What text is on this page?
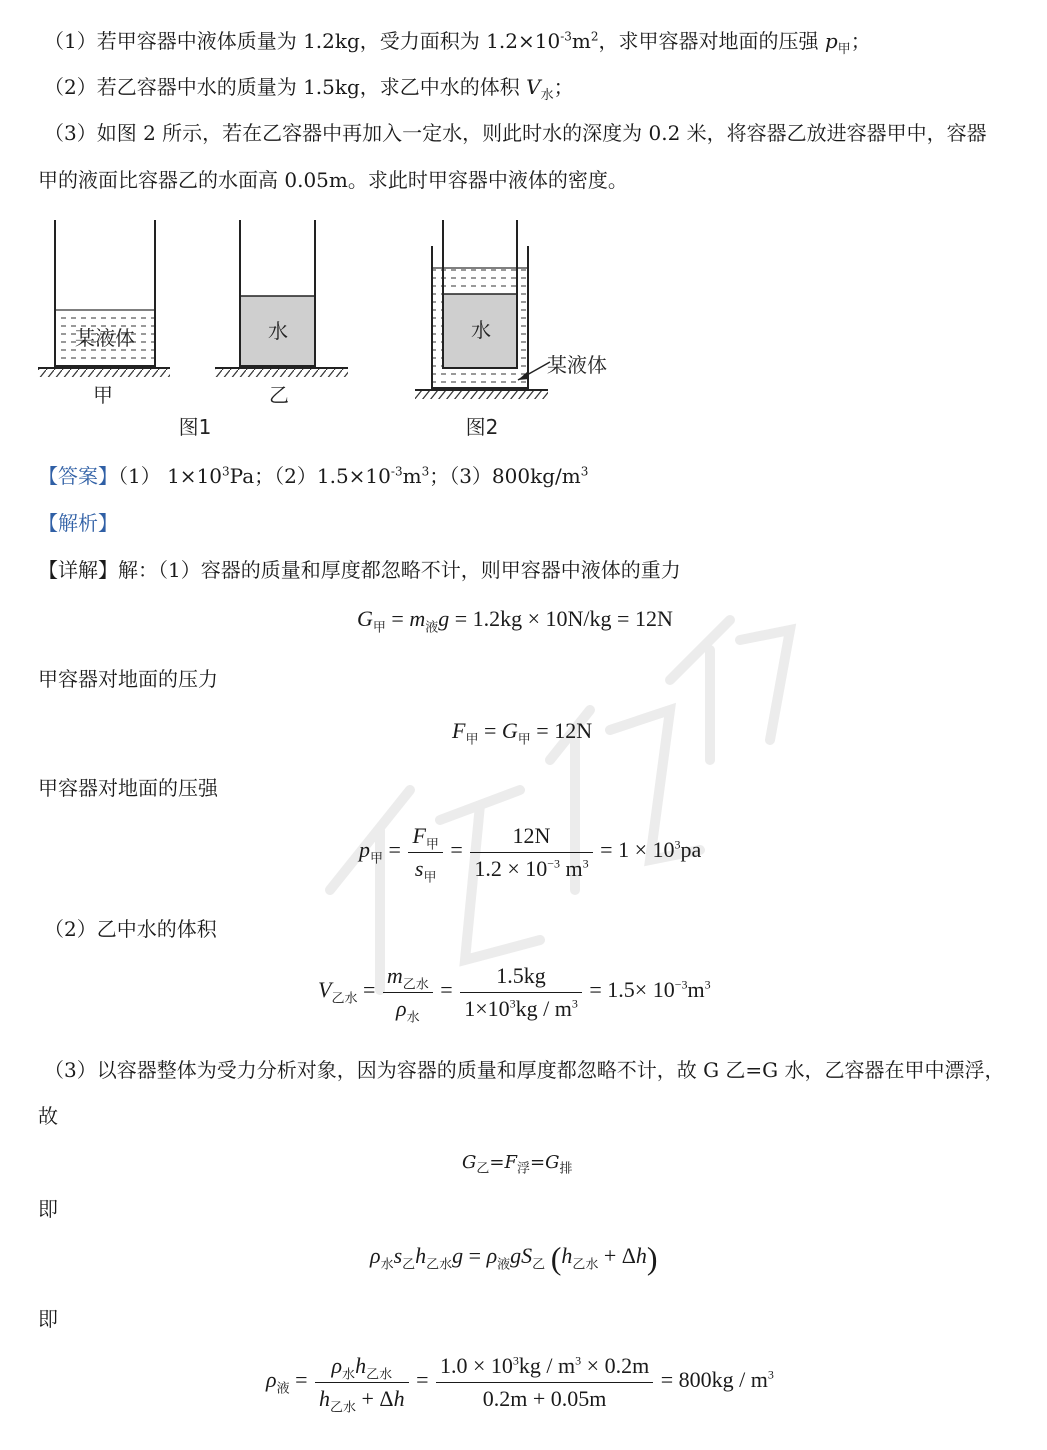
（1）若甲容器中液体质量为 1.2kg，受力面积为 $1.2\times 10^{-3}m^2$，求甲容器对地面的压强 $p_甲$；
（2）若乙容器中水的质量为 1.5kg，求乙中水的体积 $V_水$；
（3）如图 2 所示，若在乙容器中再加入一定水，则此时水的深度为 0.2 米，将容器乙放进容器甲中，容器
甲的液面比容器乙的水面高 0.05m。求此时甲容器中液体的密度。
某液体
甲
水
乙
图1
水
某液体
图2
【答案】（1） $1\times 10^3Pa$；$(2)1.5\times 10^{-3}m^3$；$(3)800kg/m^3$
【解析】
【详解】解：（1）容器的质量和厚度都忽略不计，则甲容器中液体的重力
$G_甲 = m_液g = 1.2kg \times 10N/kg = 12N$
甲容器对地面的压力
$F_甲 = G_甲 = 12N$
甲容器对地面的压强
$p_甲 = \frac{F_甲}{s_甲} = \frac{12N}{1.2 \times 10^{-3} m^3} = 1 \times 10^3pa$
（2）乙中水的体积
$V_{乙水} = \frac{m_{乙水}}{\rho_水} = \frac{1.5kg}{1\times 10^3kg / m^3} = 1.5\times 10^{-3}m^3$
（3）以容器整体为受力分析对象，因为容器的质量和厚度都忽略不计，故 G 乙=G 水，乙容器在甲中漂浮，
故
$G_乙=F_浮=G_排$
即
$\rho_水s_乙h_{乙水}g = \rho_液gS_乙$ $(h_{乙水} + \Delta h)$
即
$\rho_液 = \frac{\rho_水h_{乙水}}{h_{乙水} + \Delta h} = \frac{1.0 \times 10^3kg / m^3 \times 0.2m}{0.2m + 0.05m} = 800kg / m^3$
